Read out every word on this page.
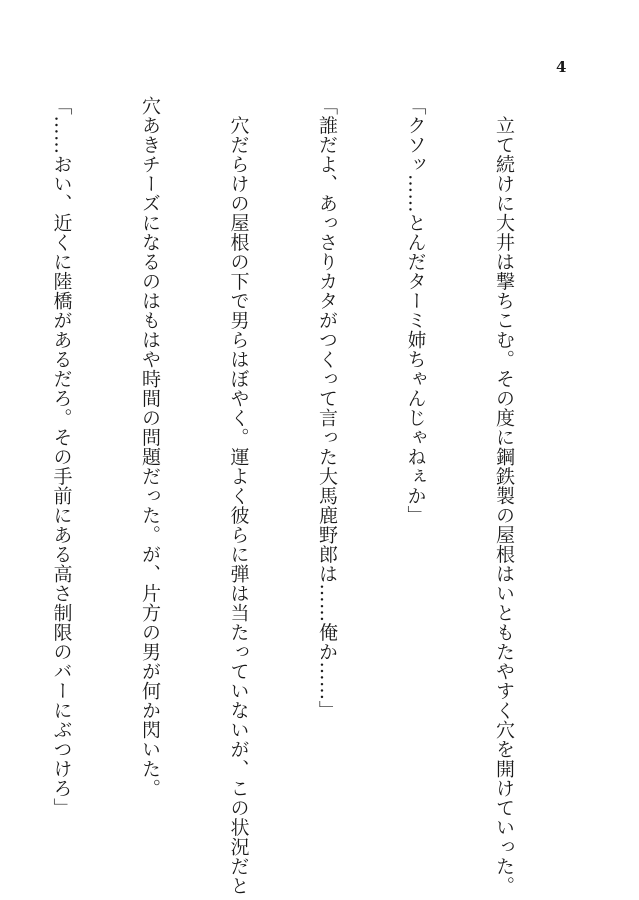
4

　立て続けに大井は撃ちこむ。その度に鋼鉄製の屋根はいともたやすく穴を開けていった。

「クソッ……とんだターミ姉ちゃんじゃねぇか」

「誰だよ、あっさりカタがつくって言った大馬鹿野郎は……俺か……」

　穴だらけの屋根の下で男らはぼやく。運よく彼らに弾は当たっていないが、この状況だと

穴あきチーズになるのはもはや時間の問題だった。が、片方の男が何か閃いた。

「……おい、近くに陸橋があるだろ。その手前にある高さ制限のバーにぶつけろ」
